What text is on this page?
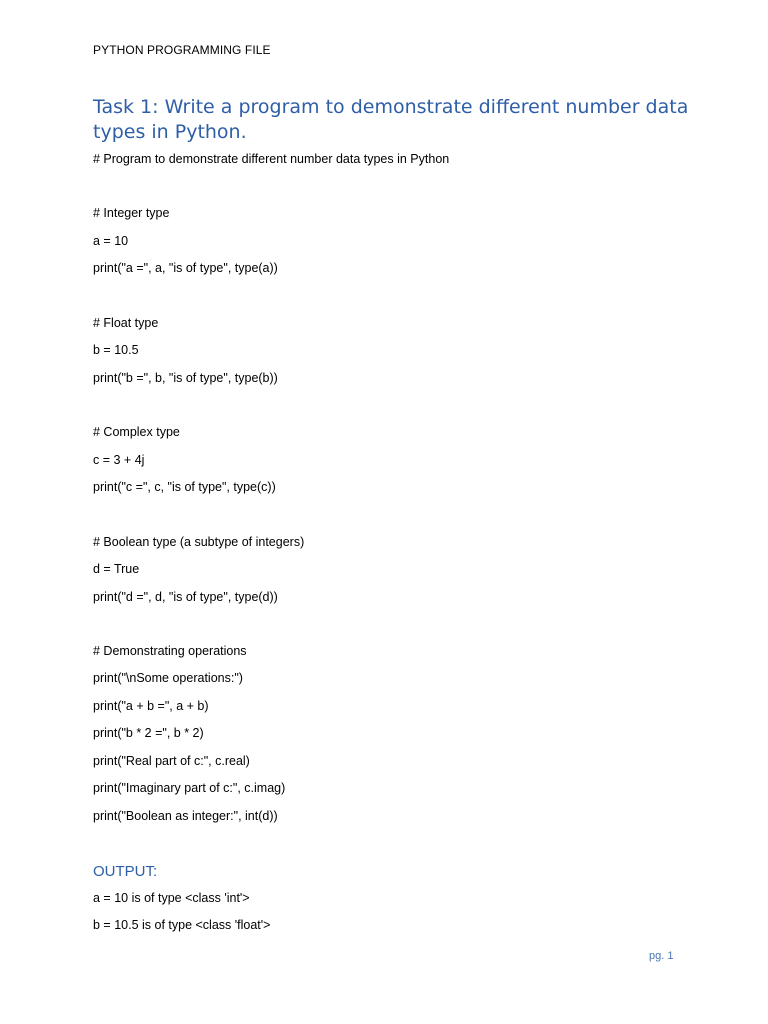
PYTHON PROGRAMMING FILE
Task 1: Write a program to demonstrate different number data types in Python.
# Program to demonstrate different number data types in Python
# Integer type
a = 10
print("a =", a, "is of type", type(a))
# Float type
b = 10.5
print("b =", b, "is of type", type(b))
# Complex type
c = 3 + 4j
print("c =", c, "is of type", type(c))
# Boolean type (a subtype of integers)
d = True
print("d =", d, "is of type", type(d))
# Demonstrating operations
print("\nSome operations:")
print("a + b =", a + b)
print("b * 2 =", b * 2)
print("Real part of c:", c.real)
print("Imaginary part of c:", c.imag)
print("Boolean as integer:", int(d))
OUTPUT:
a = 10 is of type <class 'int'>
b = 10.5 is of type <class 'float'>
pg. 1
